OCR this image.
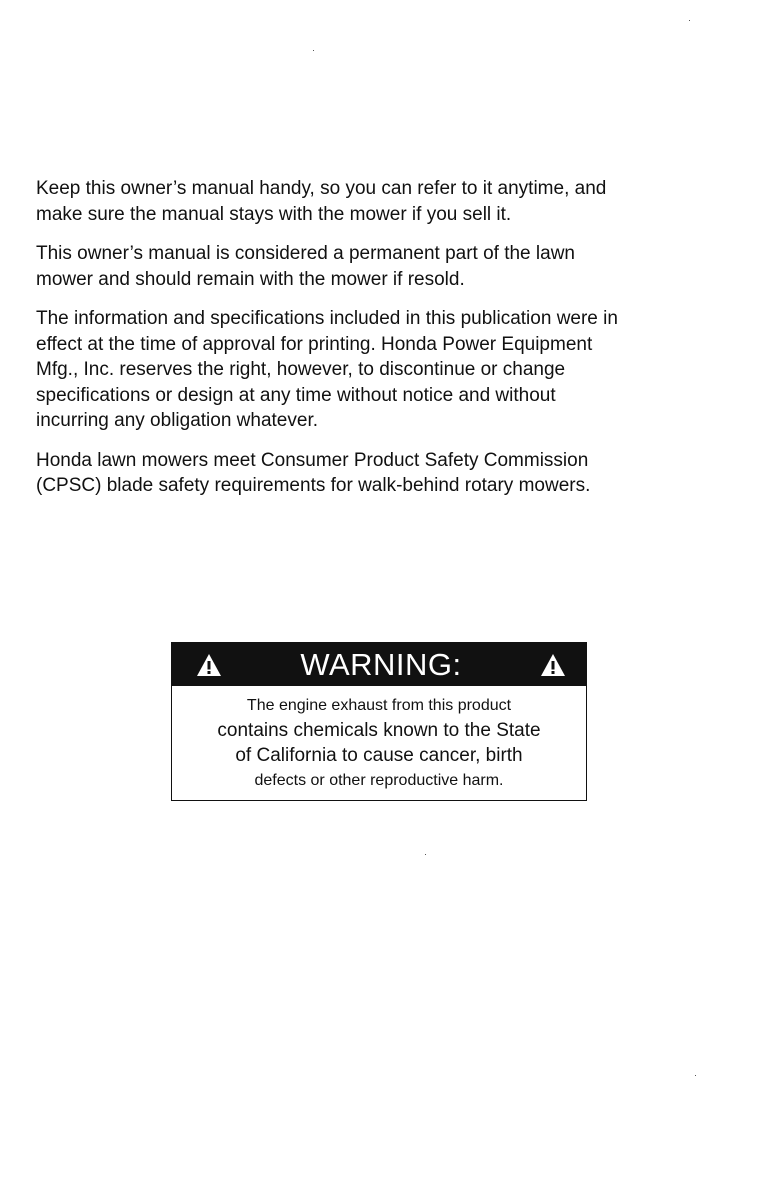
Keep this owner’s manual handy, so you can refer to it anytime, and
make sure the manual stays with the mower if you sell it.

This owner’s manual is considered a permanent part of the lawn
mower and should remain with the mower if resold.

The information and specifications included in this publication were in
effect at the time of approval for printing. Honda Power Equipment
Mfg., Inc. reserves the right, however, to discontinue or change
specifications or design at any time without notice and without
incurring any obligation whatever.

Honda lawn mowers meet Consumer Product Safety Commission
(CPSC) blade safety requirements for walk-behind rotary mowers.

WARNING:
The engine exhaust from this product
contains chemicals known to the State
of California to cause cancer, birth
defects or other reproductive harm.
